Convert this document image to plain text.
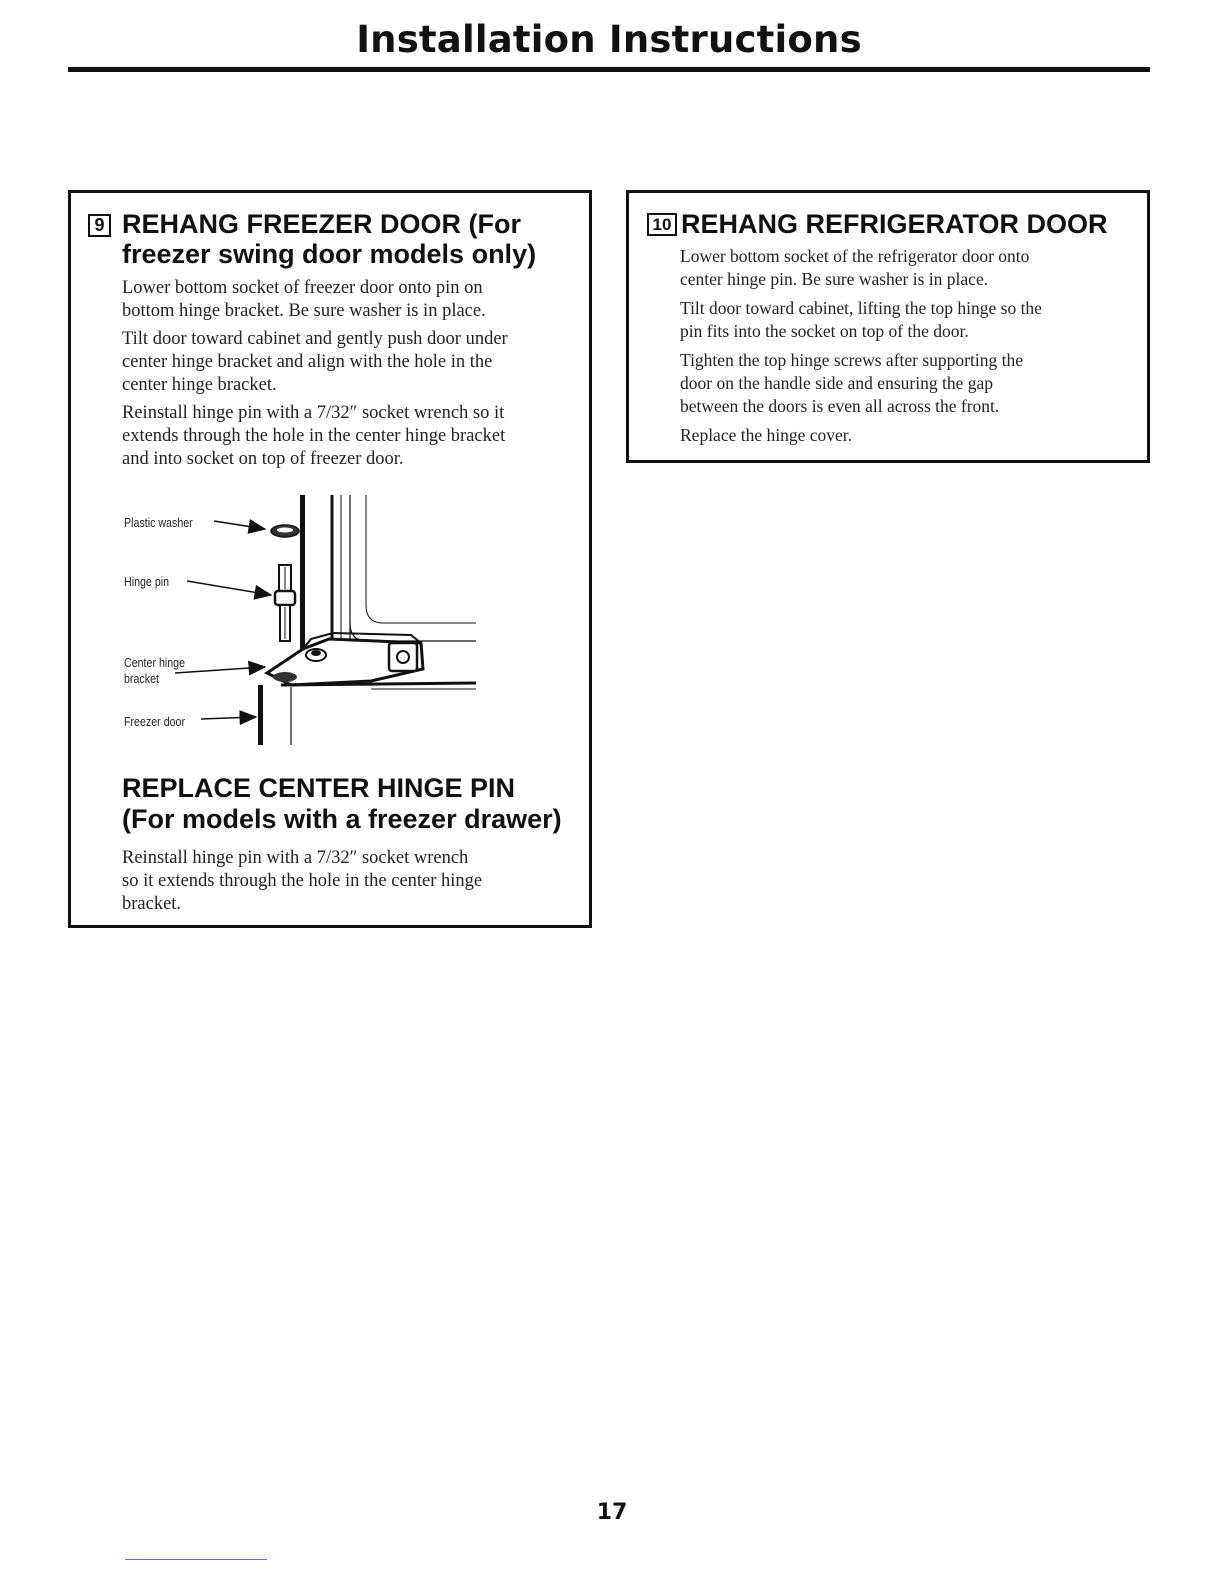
Installation Instructions
9 REHANG FREEZER DOOR (For
freezer swing door models only)
Lower bottom socket of freezer door onto pin on
bottom hinge bracket. Be sure washer is in place.
Tilt door toward cabinet and gently push door under
center hinge bracket and align with the hole in the
center hinge bracket.
Reinstall hinge pin with a 7/32″ socket wrench so it
extends through the hole in the center hinge bracket
and into socket on top of freezer door.
Plastic washer
Hinge pin
Center hinge
bracket
Freezer door
REPLACE CENTER HINGE PIN
(For models with a freezer drawer)
Reinstall hinge pin with a 7/32″ socket wrench
so it extends through the hole in the center hinge
bracket.
10 REHANG REFRIGERATOR DOOR
Lower bottom socket of the refrigerator door onto
center hinge pin. Be sure washer is in place.
Tilt door toward cabinet, lifting the top hinge so the
pin fits into the socket on top of the door.
Tighten the top hinge screws after supporting the
door on the handle side and ensuring the gap
between the doors is even all across the front.
Replace the hinge cover.
17
